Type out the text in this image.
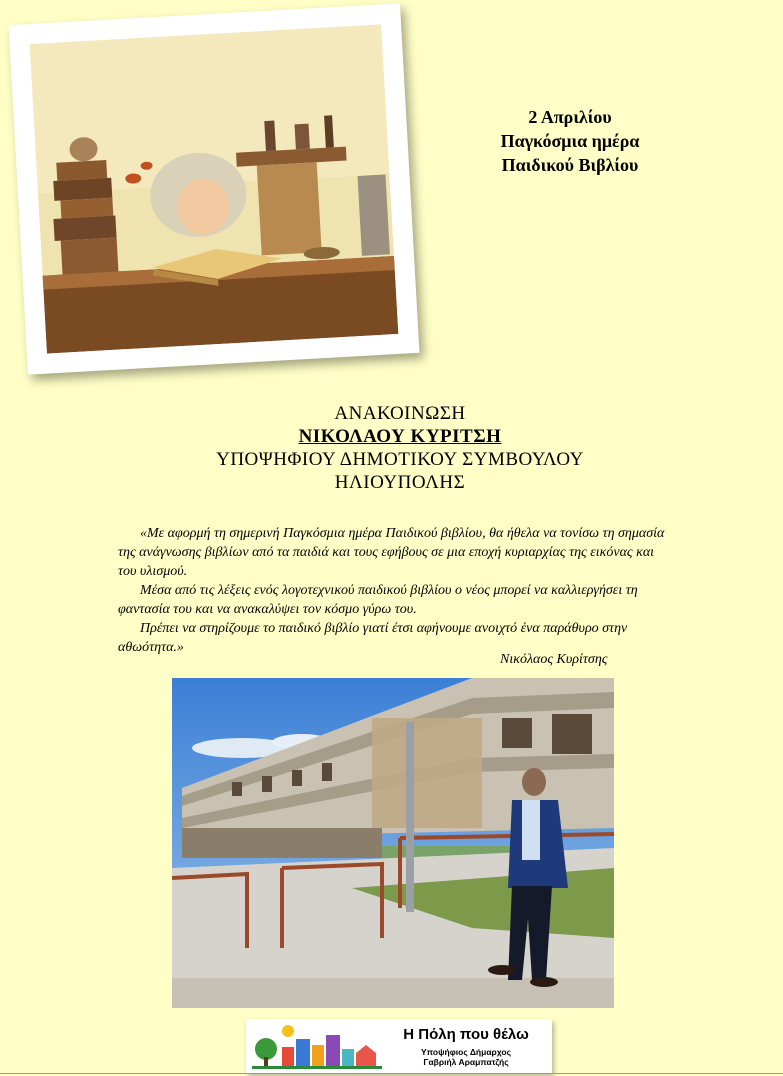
2 Απριλίου
Παγκόσμια ημέρα
Παιδικού Βιβλίου
ΑΝΑΚΟΙΝΩΣΗ
ΝΙΚΟΛΑΟΥ ΚΥΡΙΤΣΗ
ΥΠΟΨΗΦΙΟΥ ΔΗΜΟΤΙΚΟΥ ΣΥΜΒΟΥΛΟΥ
ΗΛΙΟΥΠΟΛΗΣ

«Με αφορμή τη σημερινή Παγκόσμια ημέρα Παιδικού βιβλίου, θα ήθελα να τονίσω τη σημασία της ανάγνωσης βιβλίων από τα παιδιά και τους εφήβους σε μια εποχή κυριαρχίας της εικόνας και του υλισμού.

Μέσα από τις λέξεις ενός λογοτεχνικού παιδικού βιβλίου ο νέος μπορεί να καλλιεργήσει τη φαντασία του και να ανακαλύψει τον κόσμο γύρω του.

Πρέπει να στηρίζουμε το παιδικό βιβλίο γιατί έτσι αφήνουμε ανοιχτό ένα παράθυρο στην αθωότητα.»

Νικόλαος Κυρίτσης
Η Πόλη που θέλω
Υποψήφιος Δήμαρχος
Γαβριήλ Αραμπατζής
